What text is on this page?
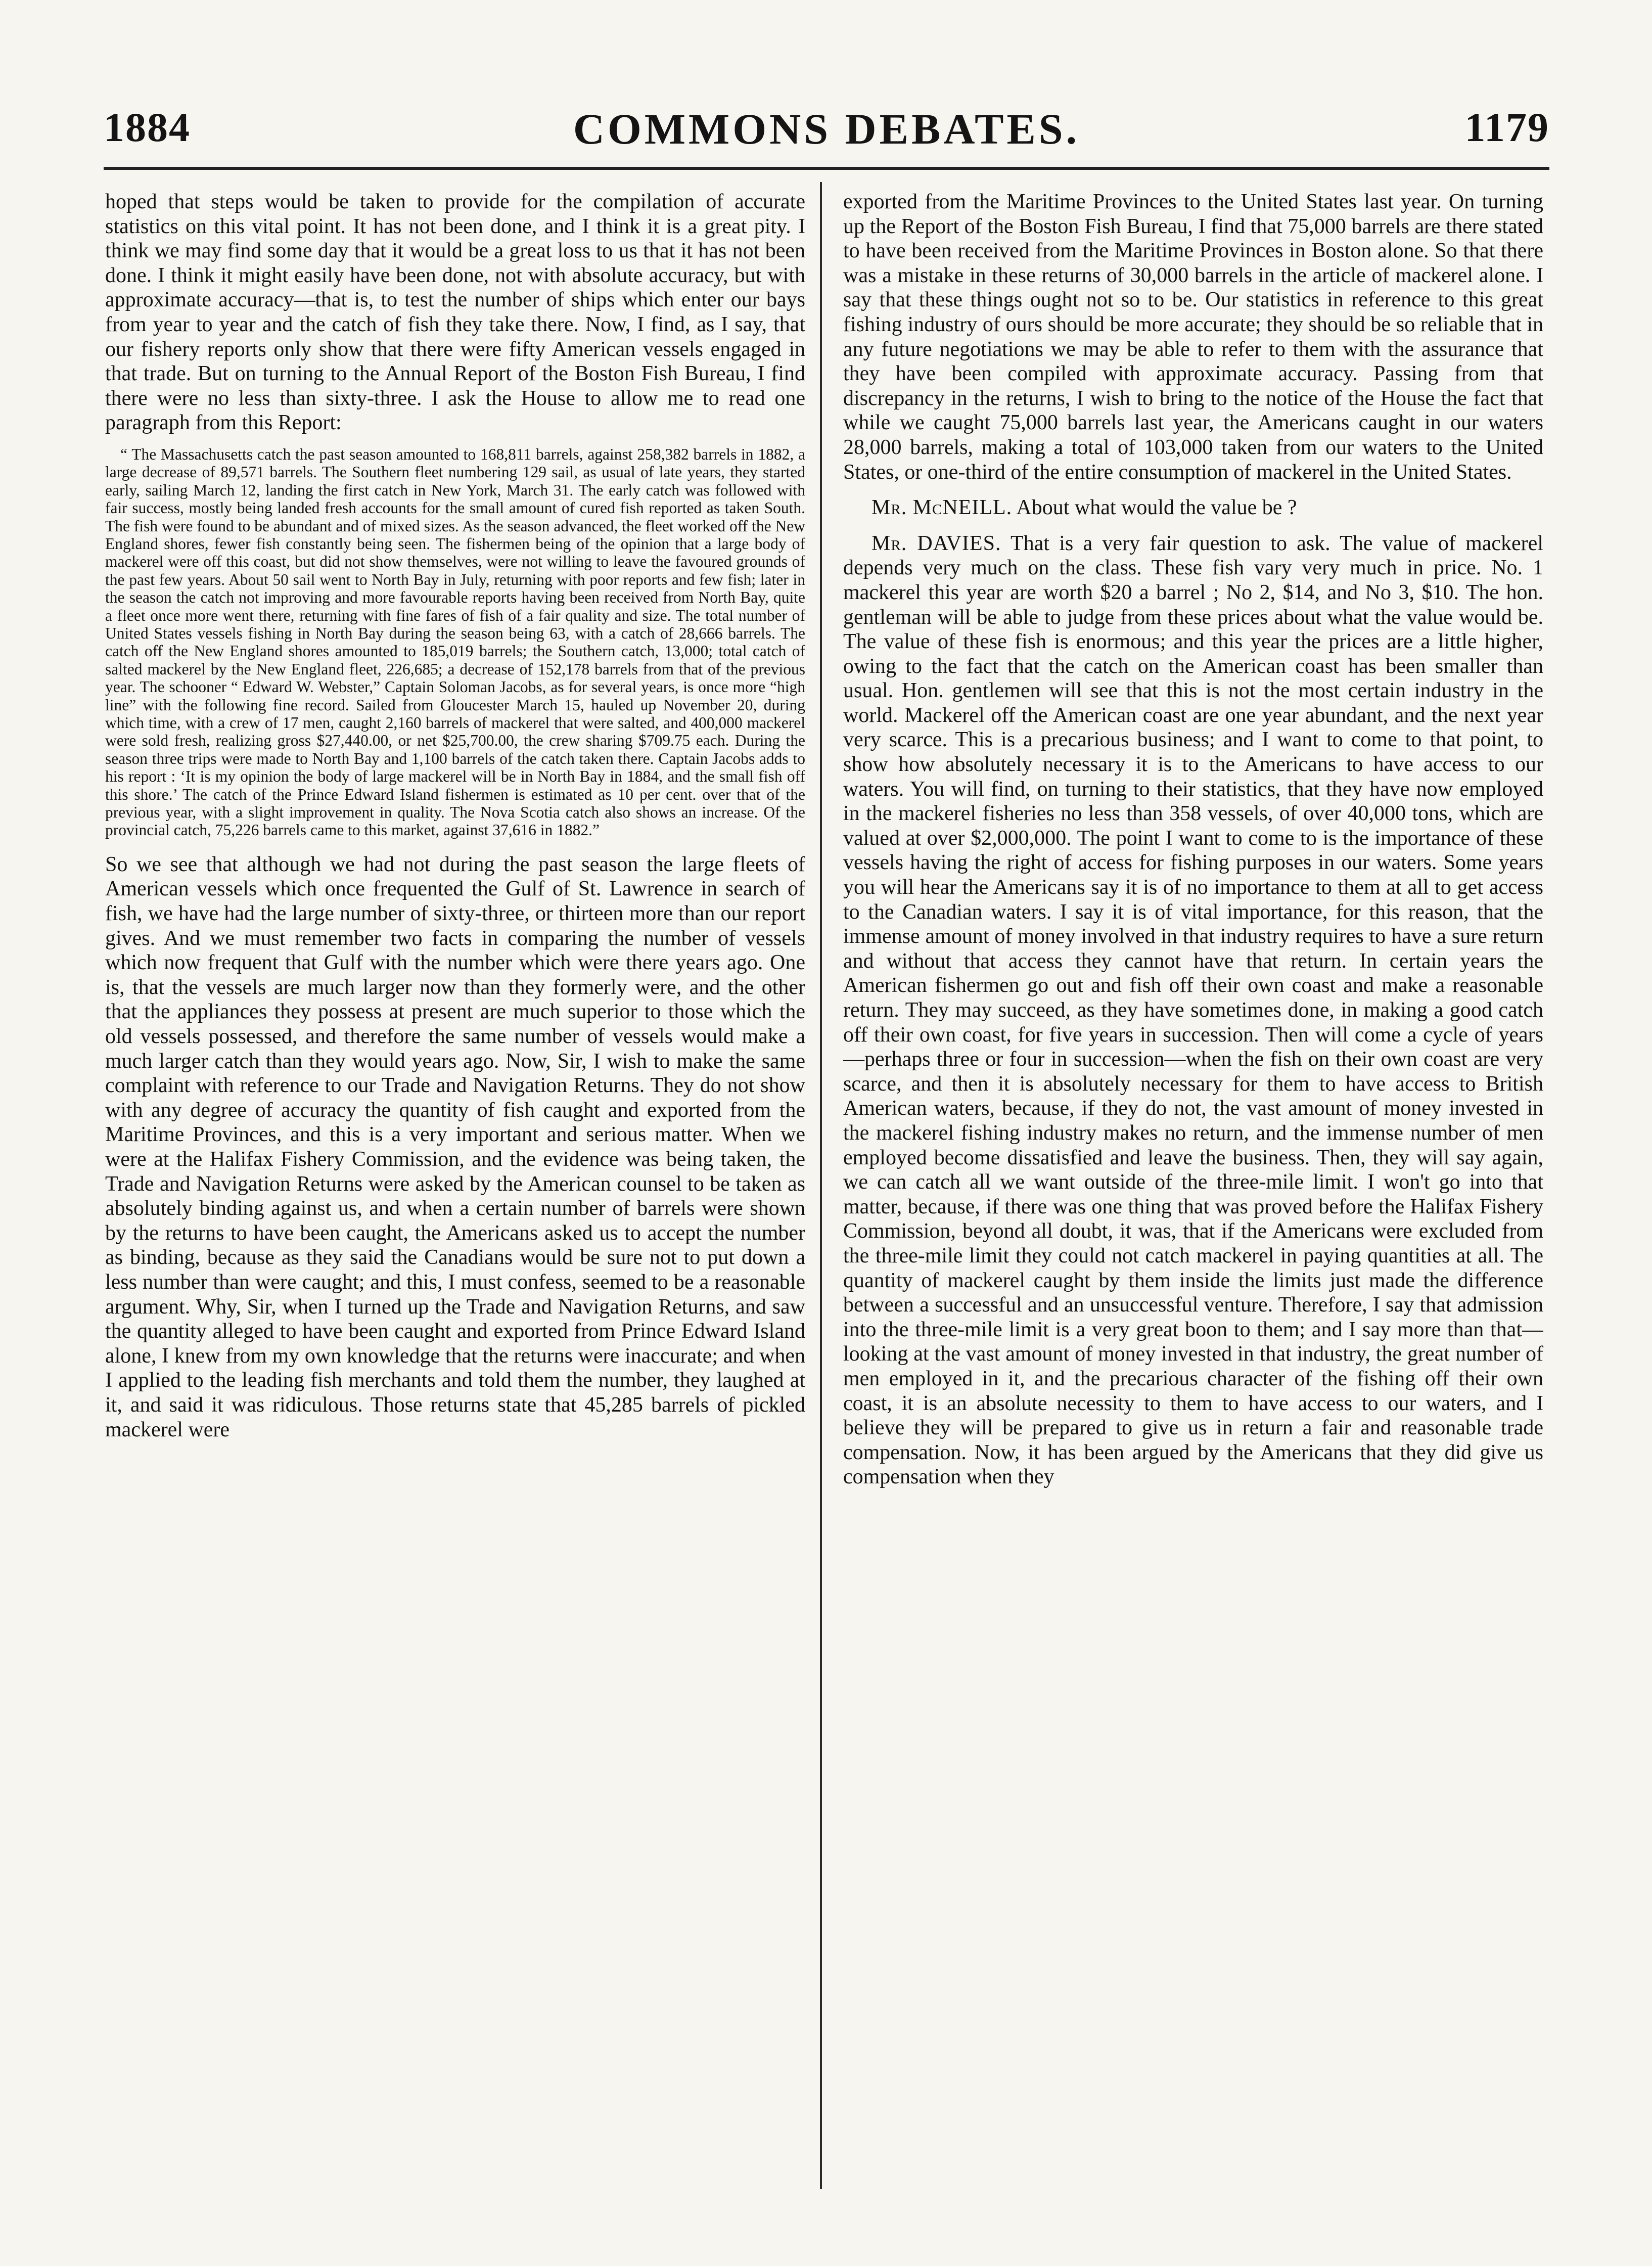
1884	COMMONS DEBATES.	1179

hoped that steps would be taken to provide for the compilation of accurate statistics on this vital point. It has not been done, and I think it is a great pity. I think we may find some day that it would be a great loss to us that it has not been done. I think it might easily have been done, not with absolute accuracy, but with approximate accuracy—that is, to test the number of ships which enter our bays from year to year and the catch of fish they take there. Now, I find, as I say, that our fishery reports only show that there were fifty American vessels engaged in that trade. But on turning to the Annual Report of the Boston Fish Bureau, I find there were no less than sixty-three. I ask the House to allow me to read one paragraph from this Report:

“ The Massachusetts catch the past season amounted to 168,811 barrels, against 258,382 barrels in 1882, a large decrease of 89,571 barrels. The Southern fleet numbering 129 sail, as usual of late years, they started early, sailing March 12, landing the first catch in New York, March 31. The early catch was followed with fair success, mostly being landed fresh accounts for the small amount of cured fish reported as taken South. The fish were found to be abundant and of mixed sizes. As the season advanced, the fleet worked off the New England shores, fewer fish constantly being seen. The fishermen being of the opinion that a large body of mackerel were off this coast, but did not show themselves, were not willing to leave the favoured grounds of the past few years. About 50 sail went to North Bay in July, returning with poor reports and few fish; later in the season the catch not improving and more favourable reports having been received from North Bay, quite a fleet once more went there, returning with fine fares of fish of a fair quality and size. The total number of United States vessels fishing in North Bay during the season being 63, with a catch of 28,666 barrels. The catch off the New England shores amounted to 185,019 barrels; the Southern catch, 13,000; total catch of salted mackerel by the New England fleet, 226,685; a decrease of 152,178 barrels from that of the previous year. The schooner “ Edward W. Webster,” Captain Soloman Jacobs, as for several years, is once more “high line” with the following fine record. Sailed from Gloucester March 15, hauled up November 20, during which time, with a crew of 17 men, caught 2,160 barrels of mackerel that were salted, and 400,000 mackerel were sold fresh, realizing gross $27,440.00, or net $25,700.00, the crew sharing $709.75 each. During the season three trips were made to North Bay and 1,100 barrels of the catch taken there. Captain Jacobs adds to his report : ‘It is my opinion the body of large mackerel will be in North Bay in 1884, and the small fish off this shore.’ The catch of the Prince Edward Island fishermen is estimated as 10 per cent. over that of the previous year, with a slight improvement in quality. The Nova Scotia catch also shows an increase. Of the provincial catch, 75,226 barrels came to this market, against 37,616 in 1882.”

So we see that although we had not during the past season the large fleets of American vessels which once frequented the Gulf of St. Lawrence in search of fish, we have had the large number of sixty-three, or thirteen more than our report gives. And we must remember two facts in comparing the number of vessels which now frequent that Gulf with the number which were there years ago. One is, that the vessels are much larger now than they formerly were, and the other that the appliances they possess at present are much superior to those which the old vessels possessed, and therefore the same number of vessels would make a much larger catch than they would years ago. Now, Sir, I wish to make the same complaint with reference to our Trade and Navigation Returns. They do not show with any degree of accuracy the quantity of fish caught and exported from the Maritime Provinces, and this is a very important and serious matter. When we were at the Halifax Fishery Commission, and the evidence was being taken, the Trade and Navigation Returns were asked by the American counsel to be taken as absolutely binding against us, and when a certain number of barrels were shown by the returns to have been caught, the Americans asked us to accept the number as binding, because as they said the Canadians would be sure not to put down a less number than were caught; and this, I must confess, seemed to be a reasonable argument. Why, Sir, when I turned up the Trade and Navigation Returns, and saw the quantity alleged to have been caught and exported from Prince Edward Island alone, I knew from my own knowledge that the returns were inaccurate; and when I applied to the leading fish merchants and told them the number, they laughed at it, and said it was ridiculous. Those returns state that 45,285 barrels of pickled mackerel were

exported from the Maritime Provinces to the United States last year. On turning up the Report of the Boston Fish Bureau, I find that 75,000 barrels are there stated to have been received from the Maritime Provinces in Boston alone. So that there was a mistake in these returns of 30,000 barrels in the article of mackerel alone. I say that these things ought not so to be. Our statistics in reference to this great fishing industry of ours should be more accurate; they should be so reliable that in any future negotiations we may be able to refer to them with the assurance that they have been compiled with approximate accuracy. Passing from that discrepancy in the returns, I wish to bring to the notice of the House the fact that while we caught 75,000 barrels last year, the Americans caught in our waters 28,000 barrels, making a total of 103,000 taken from our waters to the United States, or one-third of the entire consumption of mackerel in the United States.

Mr. McNEILL. About what would the value be ?

Mr. DAVIES. That is a very fair question to ask. The value of mackerel depends very much on the class. These fish vary very much in price. No. 1 mackerel this year are worth $20 a barrel ; No 2, $14, and No 3, $10. The hon. gentleman will be able to judge from these prices about what the value would be. The value of these fish is enormous; and this year the prices are a little higher, owing to the fact that the catch on the American coast has been smaller than usual. Hon. gentlemen will see that this is not the most certain industry in the world. Mackerel off the American coast are one year abundant, and the next year very scarce. This is a precarious business; and I want to come to that point, to show how absolutely necessary it is to the Americans to have access to our waters. You will find, on turning to their statistics, that they have now employed in the mackerel fisheries no less than 358 vessels, of over 40,000 tons, which are valued at over $2,000,000. The point I want to come to is the importance of these vessels having the right of access for fishing purposes in our waters. Some years you will hear the Americans say it is of no importance to them at all to get access to the Canadian waters. I say it is of vital importance, for this reason, that the immense amount of money involved in that industry requires to have a sure return and without that access they cannot have that return. In certain years the American fishermen go out and fish off their own coast and make a reasonable return. They may succeed, as they have sometimes done, in making a good catch off their own coast, for five years in succession. Then will come a cycle of years—perhaps three or four in succession—when the fish on their own coast are very scarce, and then it is absolutely necessary for them to have access to British American waters, because, if they do not, the vast amount of money invested in the mackerel fishing industry makes no return, and the immense number of men employed become dissatisfied and leave the business. Then, they will say again, we can catch all we want outside of the three-mile limit. I won't go into that matter, because, if there was one thing that was proved before the Halifax Fishery Commission, beyond all doubt, it was, that if the Americans were excluded from the three-mile limit they could not catch mackerel in paying quantities at all. The quantity of mackerel caught by them inside the limits just made the difference between a successful and an unsuccessful venture. Therefore, I say that admission into the three-mile limit is a very great boon to them; and I say more than that—looking at the vast amount of money invested in that industry, the great number of men employed in it, and the precarious character of the fishing off their own coast, it is an absolute necessity to them to have access to our waters, and I believe they will be prepared to give us in return a fair and reasonable trade compensation. Now, it has been argued by the Americans that they did give us compensation when they
